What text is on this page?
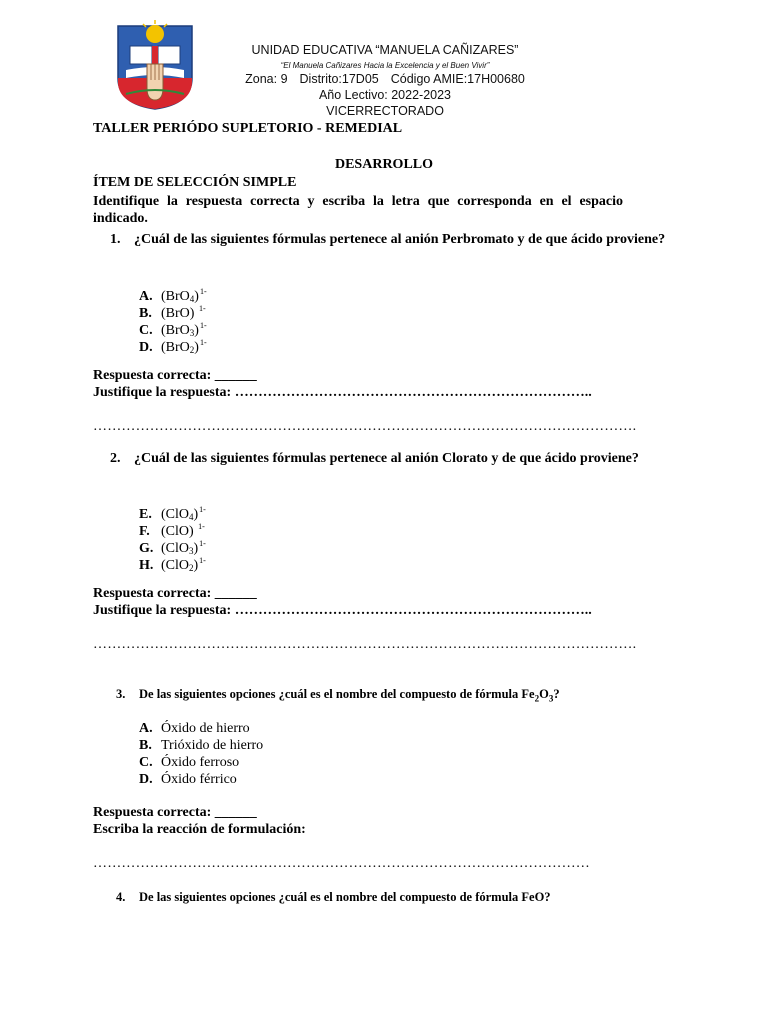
UNIDAD EDUCATIVA “MANUELA CAÑIZARES”
“El Manuela Cañizares Hacia la Excelencia y el Buen Vivir”
Zona: 9 Distrito:17D05 Código AMIE:17H00680
Año Lectivo: 2022-2023
VICERRECTORADO
TALLER PERIÓDO SUPLETORIO - REMEDIAL
DESARROLLO
ÍTEM DE SELECCIÓN SIMPLE
Identifique la respuesta correcta y escriba la letra que corresponda en el espacio indicado.
1. ¿Cuál de las siguientes fórmulas pertenece al anión Perbromato y de que ácido proviene?
A. $(BrO_4)^{1-}$
B. (BrO) $^{1-}$
C. $(BrO_3)^{1-}$
D. $(BrO_2)^{1-}$
Respuesta correcta: ______
Justifique la respuesta: …………………………………………………………………..
…………………………………………………………………………………………………….
2. ¿Cuál de las siguientes fórmulas pertenece al anión Clorato y de que ácido proviene?
E. $(ClO_4)^{1-}$
F. (ClO) $^{1-}$
G. $(ClO_3)^{1-}$
H. $(ClO_2)^{1-}$
Respuesta correcta: ______
Justifique la respuesta: …………………………………………………………………..
…………………………………………………………………………………………………….
3. De las siguientes opciones ¿cuál es el nombre del compuesto de fórmula $Fe_2O_3$?
A. Óxido de hierro
B. Trióxido de hierro
C. Óxido ferroso
D. Óxido férrico
Respuesta correcta: ______
Escriba la reacción de formulación:
……………………………………………………………………………………………
4. De las siguientes opciones ¿cuál es el nombre del compuesto de fórmula FeO?
